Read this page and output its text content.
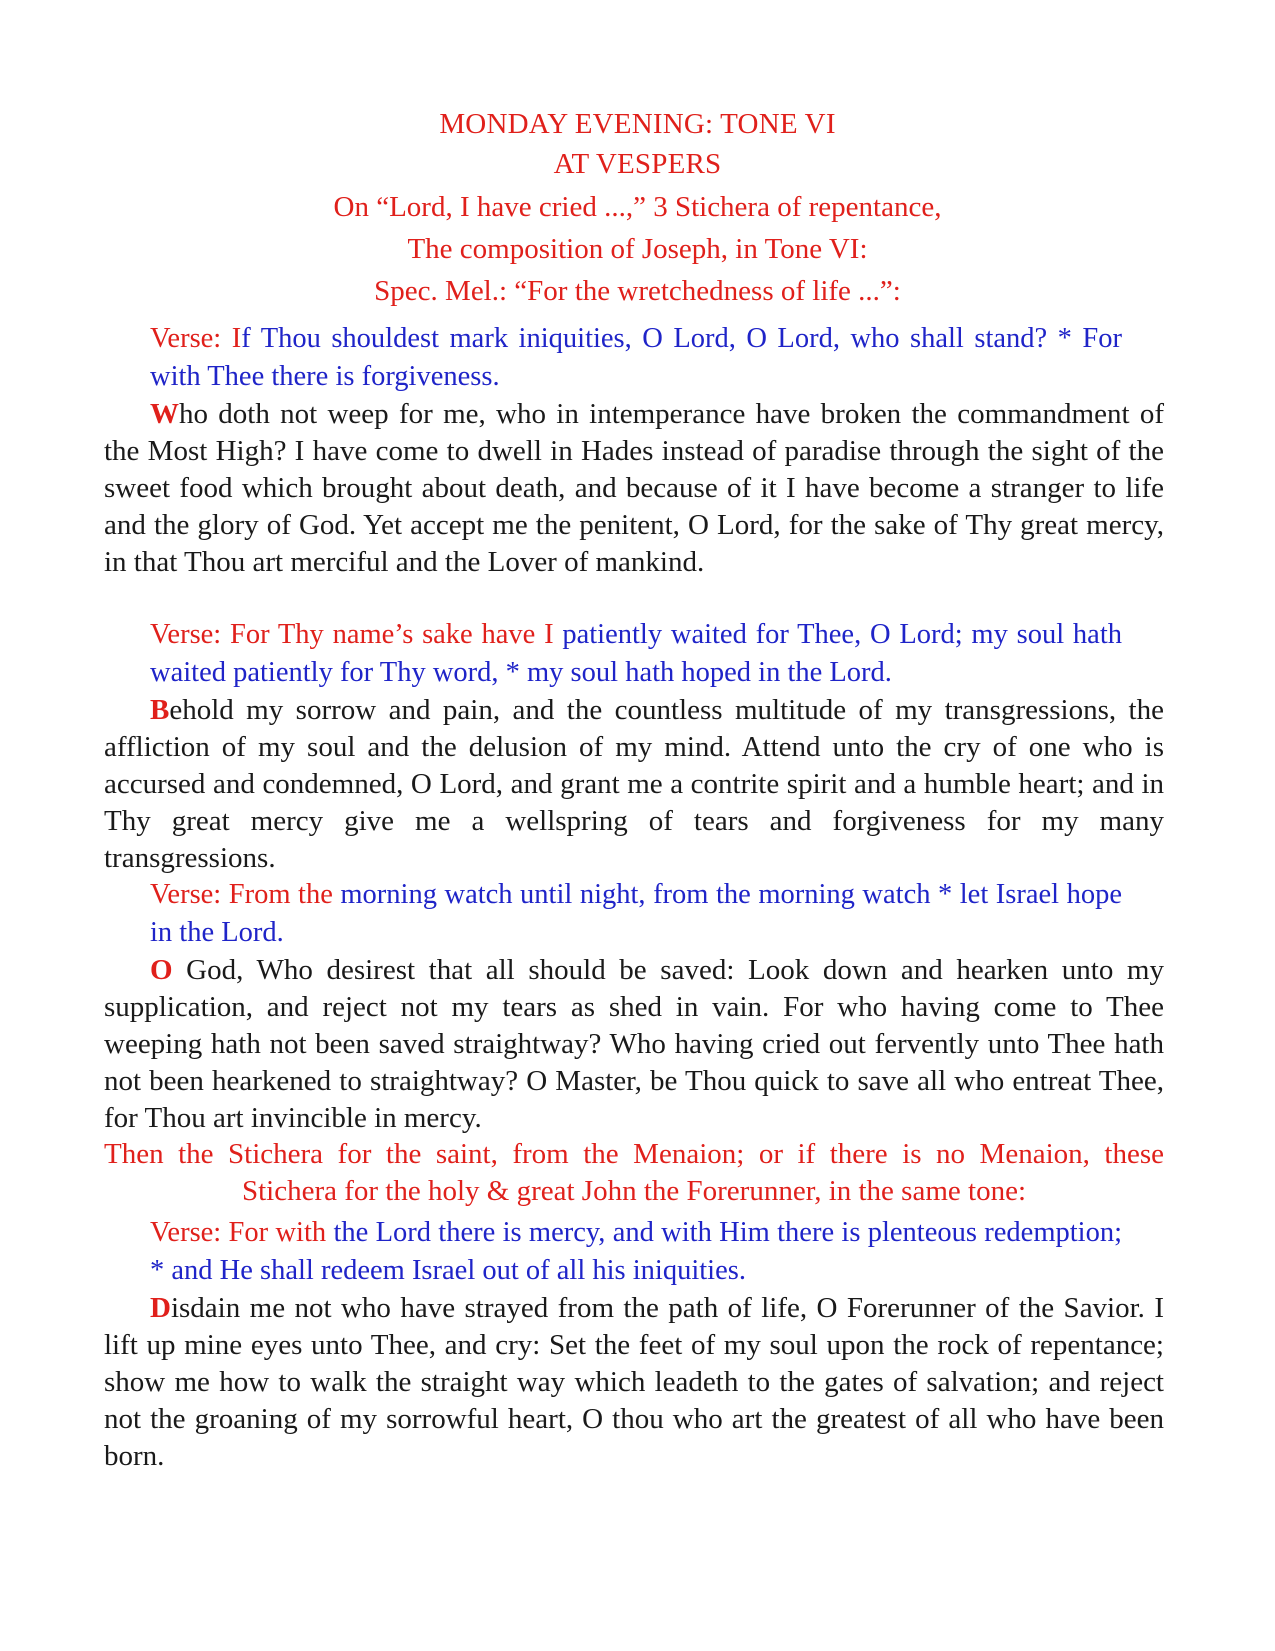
MONDAY EVENING: TONE VI
AT VESPERS
On “Lord, I have cried ...,” 3 Stichera of repentance,
The composition of Joseph, in Tone VI:
Spec. Mel.: “For the wretchedness of life ...”:
Verse: If Thou shouldest mark iniquities, O Lord, O Lord, who shall stand? * For with Thee there is forgiveness.
Who doth not weep for me, who in intemperance have broken the commandment of the Most High? I have come to dwell in Hades instead of paradise through the sight of the sweet food which brought about death, and because of it I have become a stranger to life and the glory of God. Yet accept me the penitent, O Lord, for the sake of Thy great mercy, in that Thou art merciful and the Lover of mankind.
Verse: For Thy name’s sake have I patiently waited for Thee, O Lord; my soul hath waited patiently for Thy word, * my soul hath hoped in the Lord.
Behold my sorrow and pain, and the countless multitude of my transgressions, the affliction of my soul and the delusion of my mind. Attend unto the cry of one who is accursed and condemned, O Lord, and grant me a contrite spirit and a humble heart; and in Thy great mercy give me a wellspring of tears and forgiveness for my many transgressions.
Verse: From the morning watch until night, from the morning watch * let Israel hope in the Lord.
O God, Who desirest that all should be saved: Look down and hearken unto my supplication, and reject not my tears as shed in vain. For who having come to Thee weeping hath not been saved straightway? Who having cried out fervently unto Thee hath not been hearkened to straightway? O Master, be Thou quick to save all who entreat Thee, for Thou art invincible in mercy.
Then the Stichera for the saint, from the Menaion; or if there is no Menaion, these
Stichera for the holy & great John the Forerunner, in the same tone:
Verse: For with the Lord there is mercy, and with Him there is plenteous redemption; * and He shall redeem Israel out of all his iniquities.
Disdain me not who have strayed from the path of life, O Forerunner of the Savior. I lift up mine eyes unto Thee, and cry: Set the feet of my soul upon the rock of repentance; show me how to walk the straight way which leadeth to the gates of salvation; and reject not the groaning of my sorrowful heart, O thou who art the greatest of all who have been born.
